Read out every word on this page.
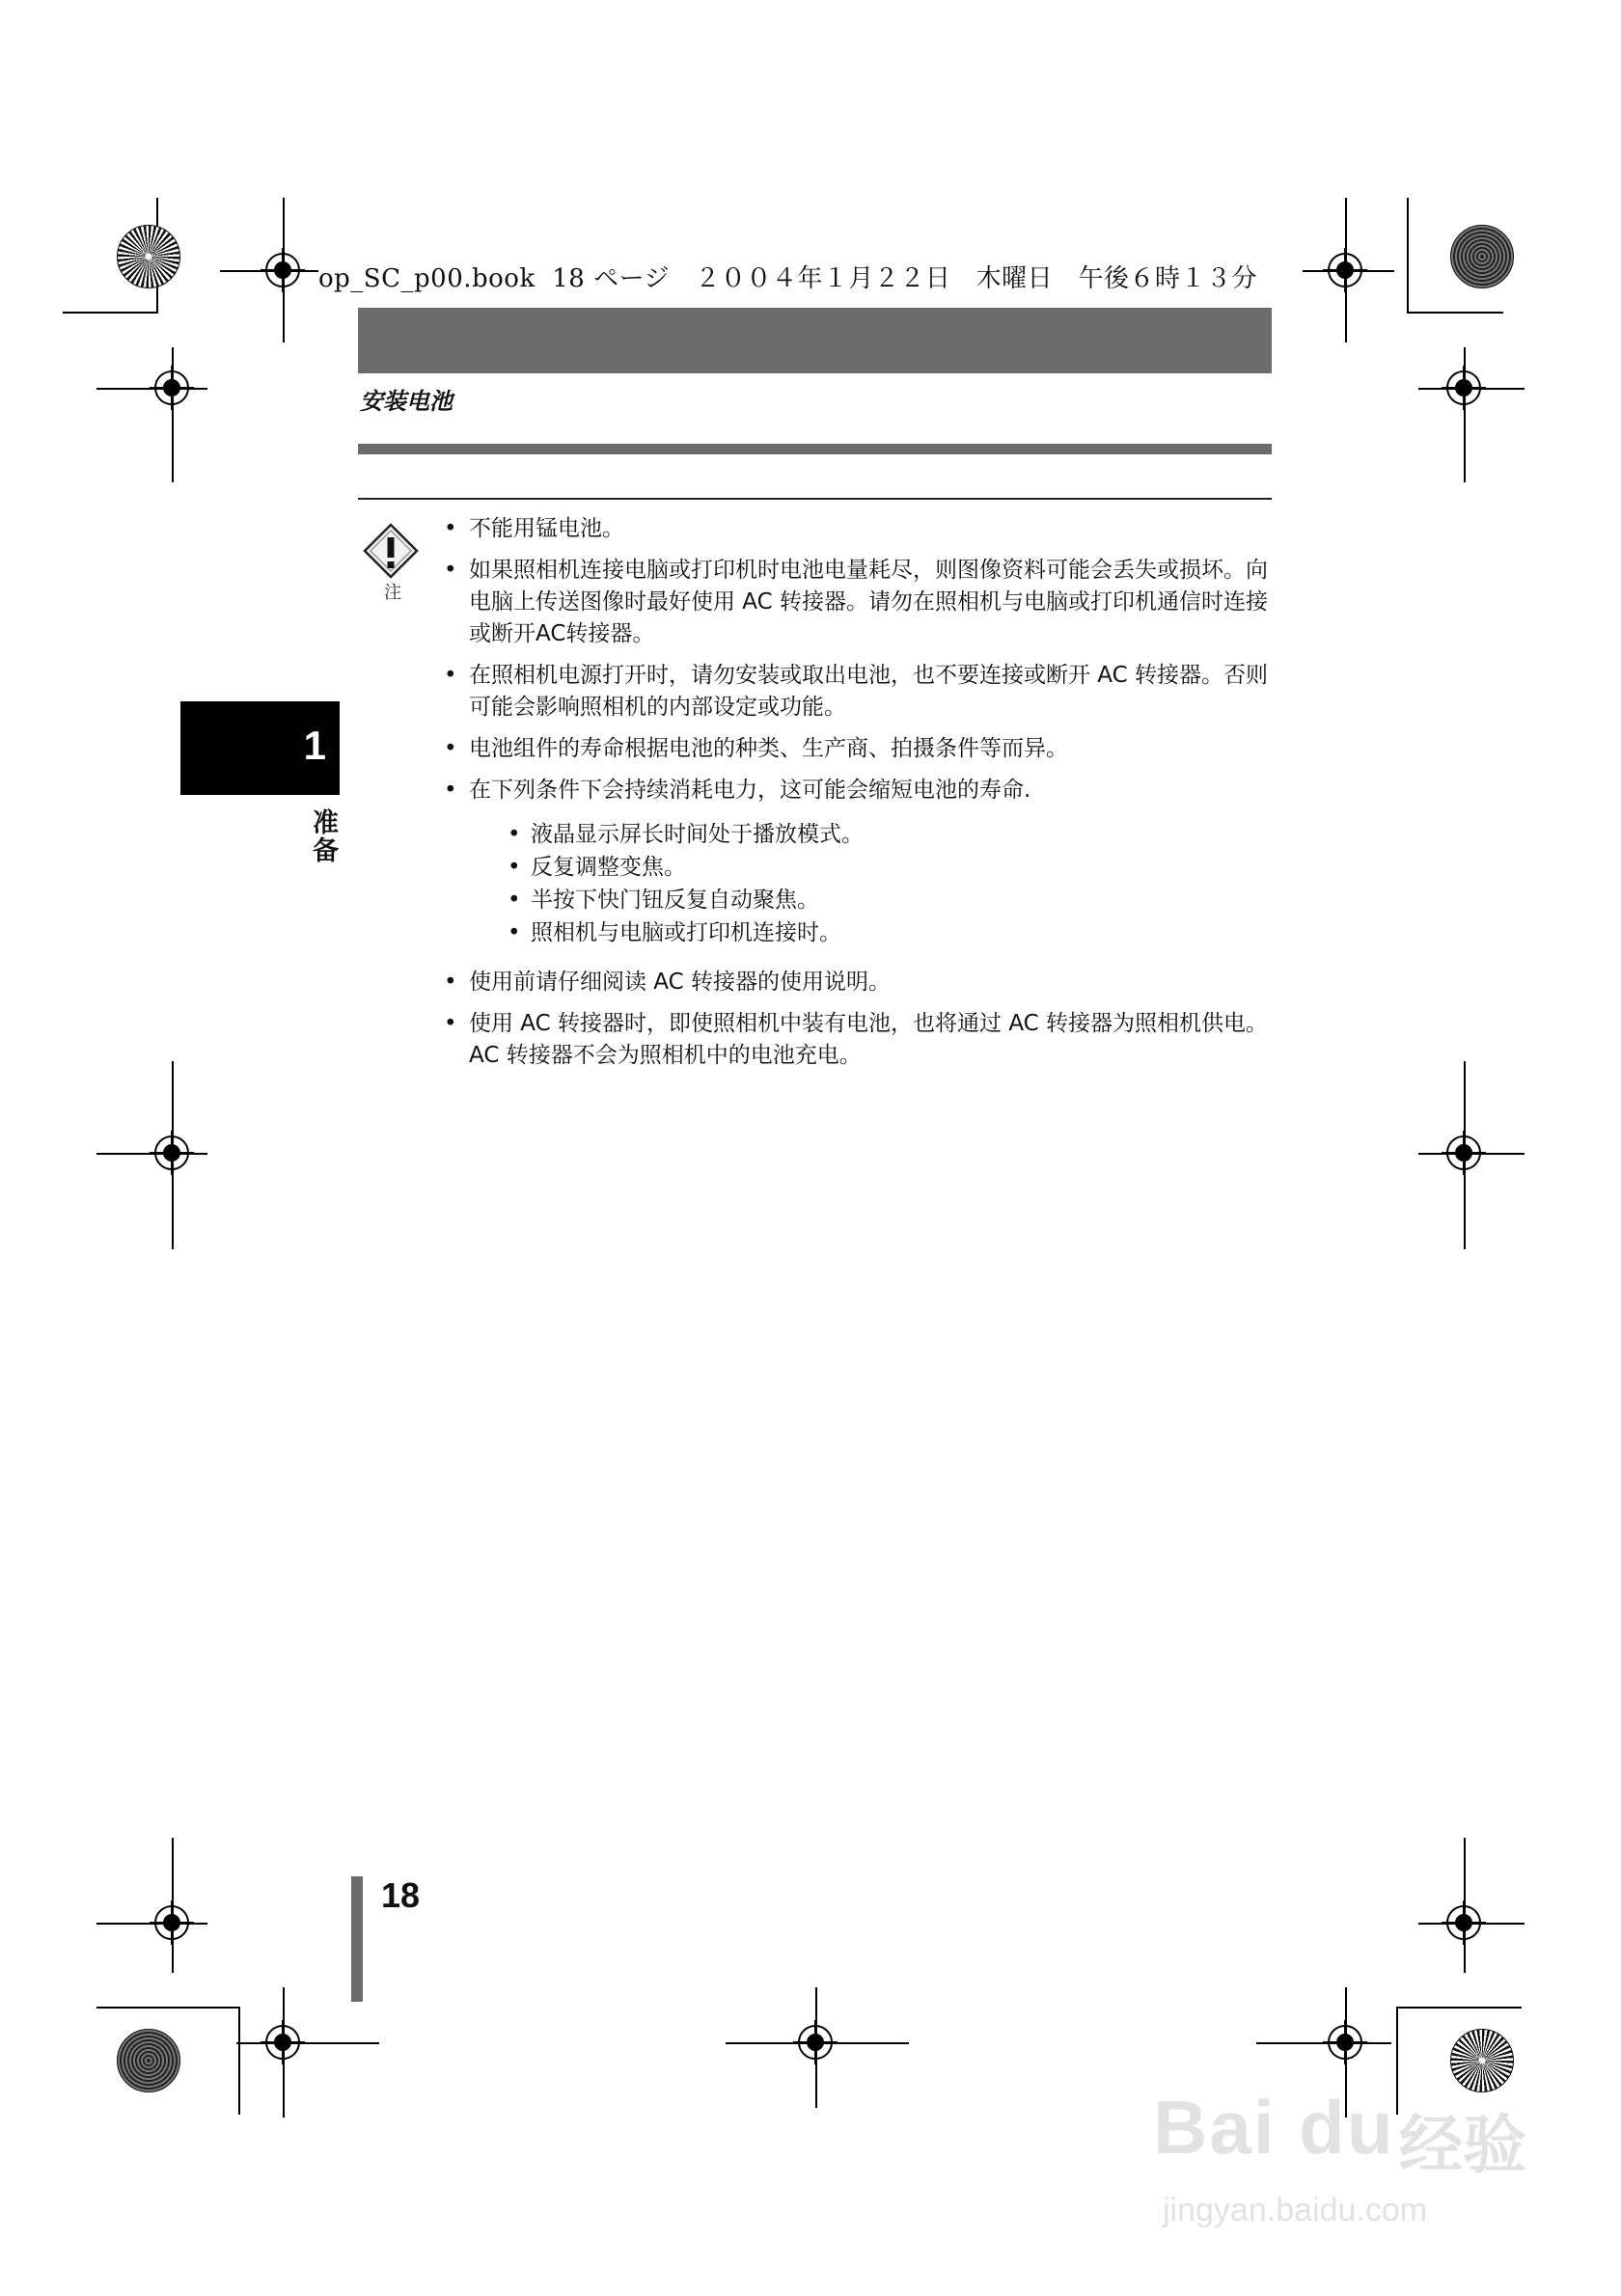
op_SC_p00.book  18 ページ   ２００４年１月２２日   木曜日   午後６時１３分
安装电池
注
• 不能用锰电池。
• 如果照相机连接电脑或打印机时电池电量耗尽，则图像资料可能会丢失或损坏。向电脑上传送图像时最好使用 AC 转接器。请勿在照相机与电脑或打印机通信时连接或断开AC转接器。
• 在照相机电源打开时，请勿安装或取出电池，也不要连接或断开 AC 转接器。否则可能会影响照相机的内部设定或功能。
• 电池组件的寿命根据电池的种类、生产商、拍摄条件等而异。
• 在下列条件下会持续消耗电力，这可能会缩短电池的寿命.
• 液晶显示屏长时间处于播放模式。
• 反复调整变焦。
• 半按下快门钮反复自动聚焦。
• 照相机与电脑或打印机连接时。
• 使用前请仔细阅读 AC 转接器的使用说明。
• 使用 AC 转接器时，即使照相机中装有电池，也将通过 AC 转接器为照相机供电。 AC 转接器不会为照相机中的电池充电。
1
准备
18
Bai du 经验
jingyan.baidu.com
